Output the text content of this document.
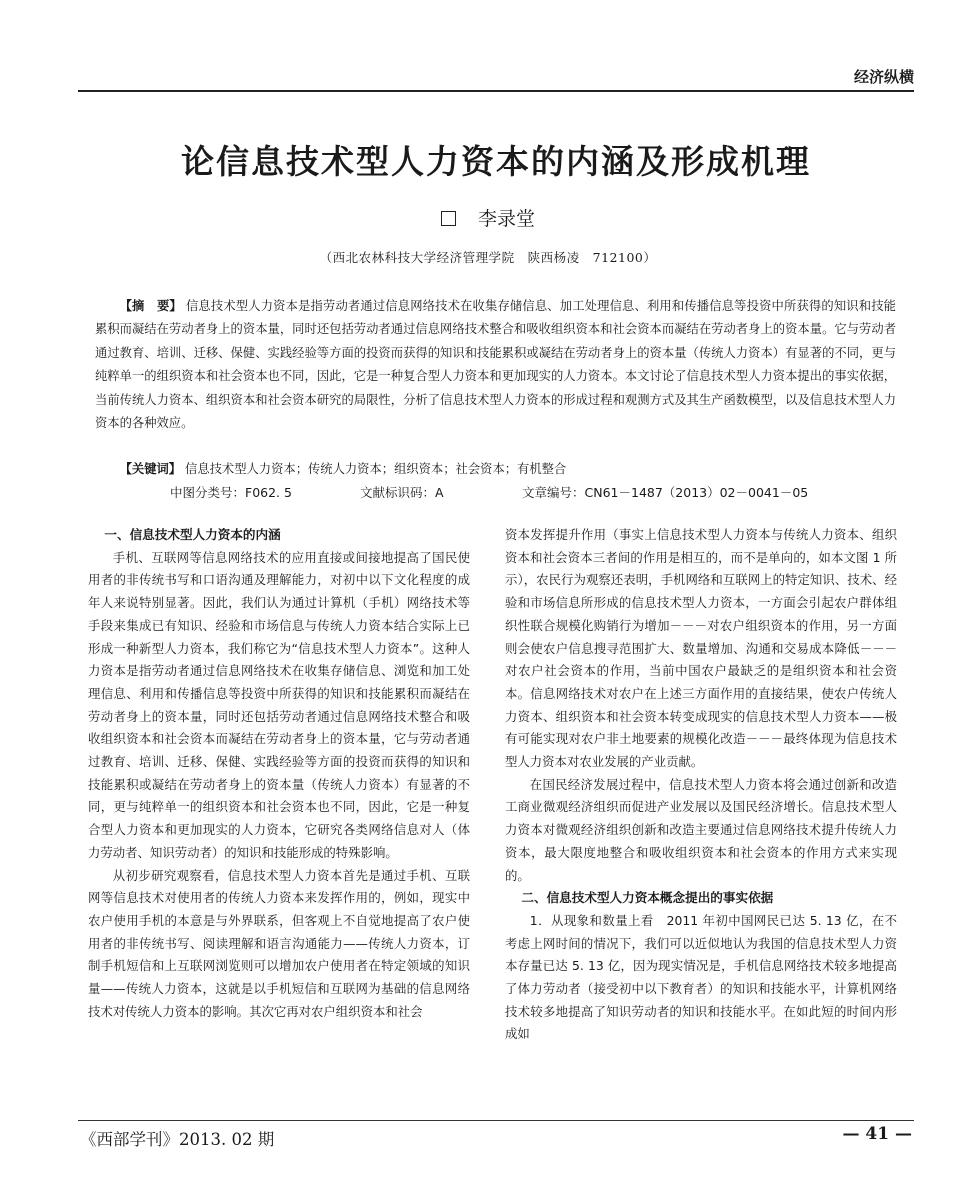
经济纵横
论信息技术型人力资本的内涵及形成机理
李录堂
（西北农林科技大学经济管理学院　陕西杨凌　712100）
【摘　要】 信息技术型人力资本是指劳动者通过信息网络技术在收集存储信息、加工处理信息、利用和传播信息等投资中所获得的知识和技能累积而凝结在劳动者身上的资本量，同时还包括劳动者通过信息网络技术整合和吸收组织资本和社会资本而凝结在劳动者身上的资本量。它与劳动者通过教育、培训、迁移、保健、实践经验等方面的投资而获得的知识和技能累积或凝结在劳动者身上的资本量（传统人力资本）有显著的不同，更与纯粹单一的组织资本和社会资本也不同，因此，它是一种复合型人力资本和更加现实的人力资本。本文讨论了信息技术型人力资本提出的事实依据，当前传统人力资本、组织资本和社会资本研究的局限性，分析了信息技术型人力资本的形成过程和观测方式及其生产函数模型，以及信息技术型人力资本的各种效应。
【关键词】 信息技术型人力资本；传统人力资本；组织资本；社会资本；有机整合
中图分类号：F062. 5	文献标识码：A	文章编号：CN61－1487（2013）02－0041－05
一、信息技术型人力资本的内涵

手机、互联网等信息网络技术的应用直接或间接地提高了国民使用者的非传统书写和口语沟通及理解能力，对初中以下文化程度的成年人来说特别显著。因此，我们认为通过计算机（手机）网络技术等手段来集成已有知识、经验和市场信息与传统人力资本结合实际上已形成一种新型人力资本，我们称它为“信息技术型人力资本”。这种人力资本是指劳动者通过信息网络技术在收集存储信息、浏览和加工处理信息、利用和传播信息等投资中所获得的知识和技能累积而凝结在劳动者身上的资本量，同时还包括劳动者通过信息网络技术整合和吸收组织资本和社会资本而凝结在劳动者身上的资本量，它与劳动者通过教育、培训、迁移、保健、实践经验等方面的投资而获得的知识和技能累积或凝结在劳动者身上的资本量（传统人力资本）有显著的不同，更与纯粹单一的组织资本和社会资本也不同，因此，它是一种复合型人力资本和更加现实的人力资本，它研究各类网络信息对人（体力劳动者、知识劳动者）的知识和技能形成的特殊影响。

从初步研究观察看，信息技术型人力资本首先是通过手机、互联网等信息技术对使用者的传统人力资本来发挥作用的，例如，现实中农户使用手机的本意是与外界联系，但客观上不自觉地提高了农户使用者的非传统书写、阅读理解和语言沟通能力——传统人力资本，订制手机短信和上互联网浏览则可以增加农户使用者在特定领域的知识量——传统人力资本，这就是以手机短信和互联网为基础的信息网络技术对传统人力资本的影响。其次它再对农户组织资本和社会

资本发挥提升作用（事实上信息技术型人力资本与传统人力资本、组织资本和社会资本三者间的作用是相互的，而不是单向的，如本文图 1 所示），农民行为观察还表明，手机网络和互联网上的特定知识、技术、经验和市场信息所形成的信息技术型人力资本，一方面会引起农户群体组织性联合规模化购销行为增加－－－对农户组织资本的作用，另一方面则会使农户信息搜寻范围扩大、数量增加、沟通和交易成本降低－－－对农户社会资本的作用，当前中国农户最缺乏的是组织资本和社会资本。信息网络技术对农户在上述三方面作用的直接结果，使农户传统人力资本、组织资本和社会资本转变成现实的信息技术型人力资本——极有可能实现对农户非土地要素的规模化改造－－－最终体现为信息技术型人力资本对农业发展的产业贡献。

在国民经济发展过程中，信息技术型人力资本将会通过创新和改造工商业微观经济组织而促进产业发展以及国民经济增长。信息技术型人力资本对微观经济组织创新和改造主要通过信息网络技术提升传统人力资本，最大限度地整合和吸收组织资本和社会资本的作用方式来实现的。

二、信息技术型人力资本概念提出的事实依据

1．从现象和数量上看　2011 年初中国网民已达 5. 13 亿，在不考虑上网时间的情况下，我们可以近似地认为我国的信息技术型人力资本存量已达 5. 13 亿，因为现实情况是，手机信息网络技术较多地提高了体力劳动者（接受初中以下教育者）的知识和技能水平，计算机网络技术较多地提高了知识劳动者的知识和技能水平。在如此短的时间内形成如

《西部学刊》2013. 02 期	— 41 —
